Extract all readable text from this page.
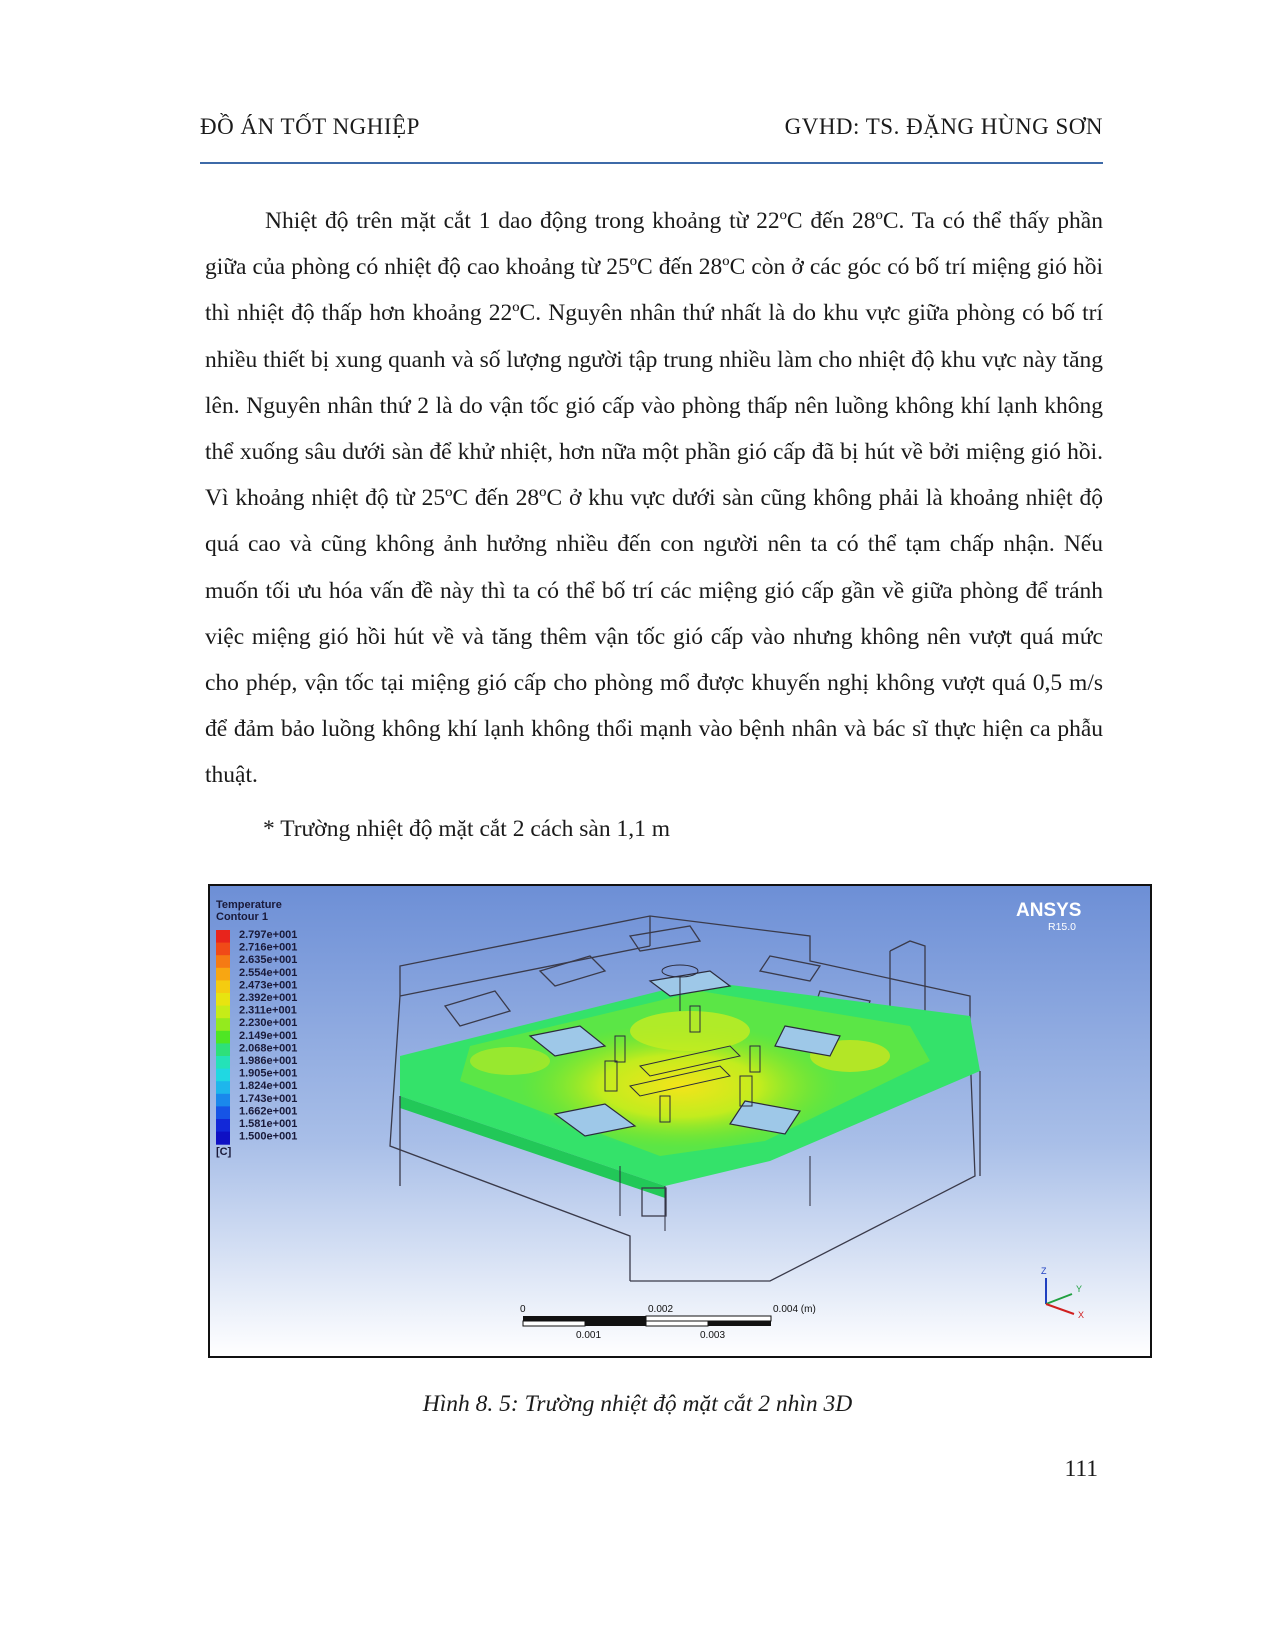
ĐỒ ÁN TỐT NGHIỆP	GVHD: TS. ĐẶNG HÙNG SƠN

Nhiệt độ trên mặt cắt 1 dao động trong khoảng từ 22ºC đến 28ºC. Ta có thể thấy phần giữa của phòng có nhiệt độ cao khoảng từ 25ºC đến 28ºC còn ở các góc có bố trí miệng gió hồi thì nhiệt độ thấp hơn khoảng 22ºC. Nguyên nhân thứ nhất là do khu vực giữa phòng có bố trí nhiều thiết bị xung quanh và số lượng người tập trung nhiều làm cho nhiệt độ khu vực này tăng lên. Nguyên nhân thứ 2 là do vận tốc gió cấp vào phòng thấp nên luồng không khí lạnh không thể xuống sâu dưới sàn để khử nhiệt, hơn nữa một phần gió cấp đã bị hút về bởi miệng gió hồi. Vì khoảng nhiệt độ từ 25ºC đến 28ºC ở khu vực dưới sàn cũng không phải là khoảng nhiệt độ quá cao và cũng không ảnh hưởng nhiều đến con người nên ta có thể tạm chấp nhận. Nếu muốn tối ưu hóa vấn đề này thì ta có thể bố trí các miệng gió cấp gần về giữa phòng để tránh việc miệng gió hồi hút về và tăng thêm vận tốc gió cấp vào nhưng không nên vượt quá mức cho phép, vận tốc tại miệng gió cấp cho phòng mổ được khuyến nghị không vượt quá 0,5 m/s để đảm bảo luồng không khí lạnh không thổi mạnh vào bệnh nhân và bác sĩ thực hiện ca phẫu thuật.

* Trường nhiệt độ mặt cắt 2 cách sàn 1,1 m

Temperature
Contour 1
2.797e+001
2.716e+001
2.635e+001
2.554e+001
2.473e+001
2.392e+001
2.311e+001
2.230e+001
2.149e+001
2.068e+001
1.986e+001
1.905e+001
1.824e+001
1.743e+001
1.662e+001
1.581e+001
1.500e+001
[C]
ANSYS
R15.0
0	0.002	0.004 (m)
0.001	0.003
Z
Y
X
Hình 8. 5: Trường nhiệt độ mặt cắt 2 nhìn 3D
111
